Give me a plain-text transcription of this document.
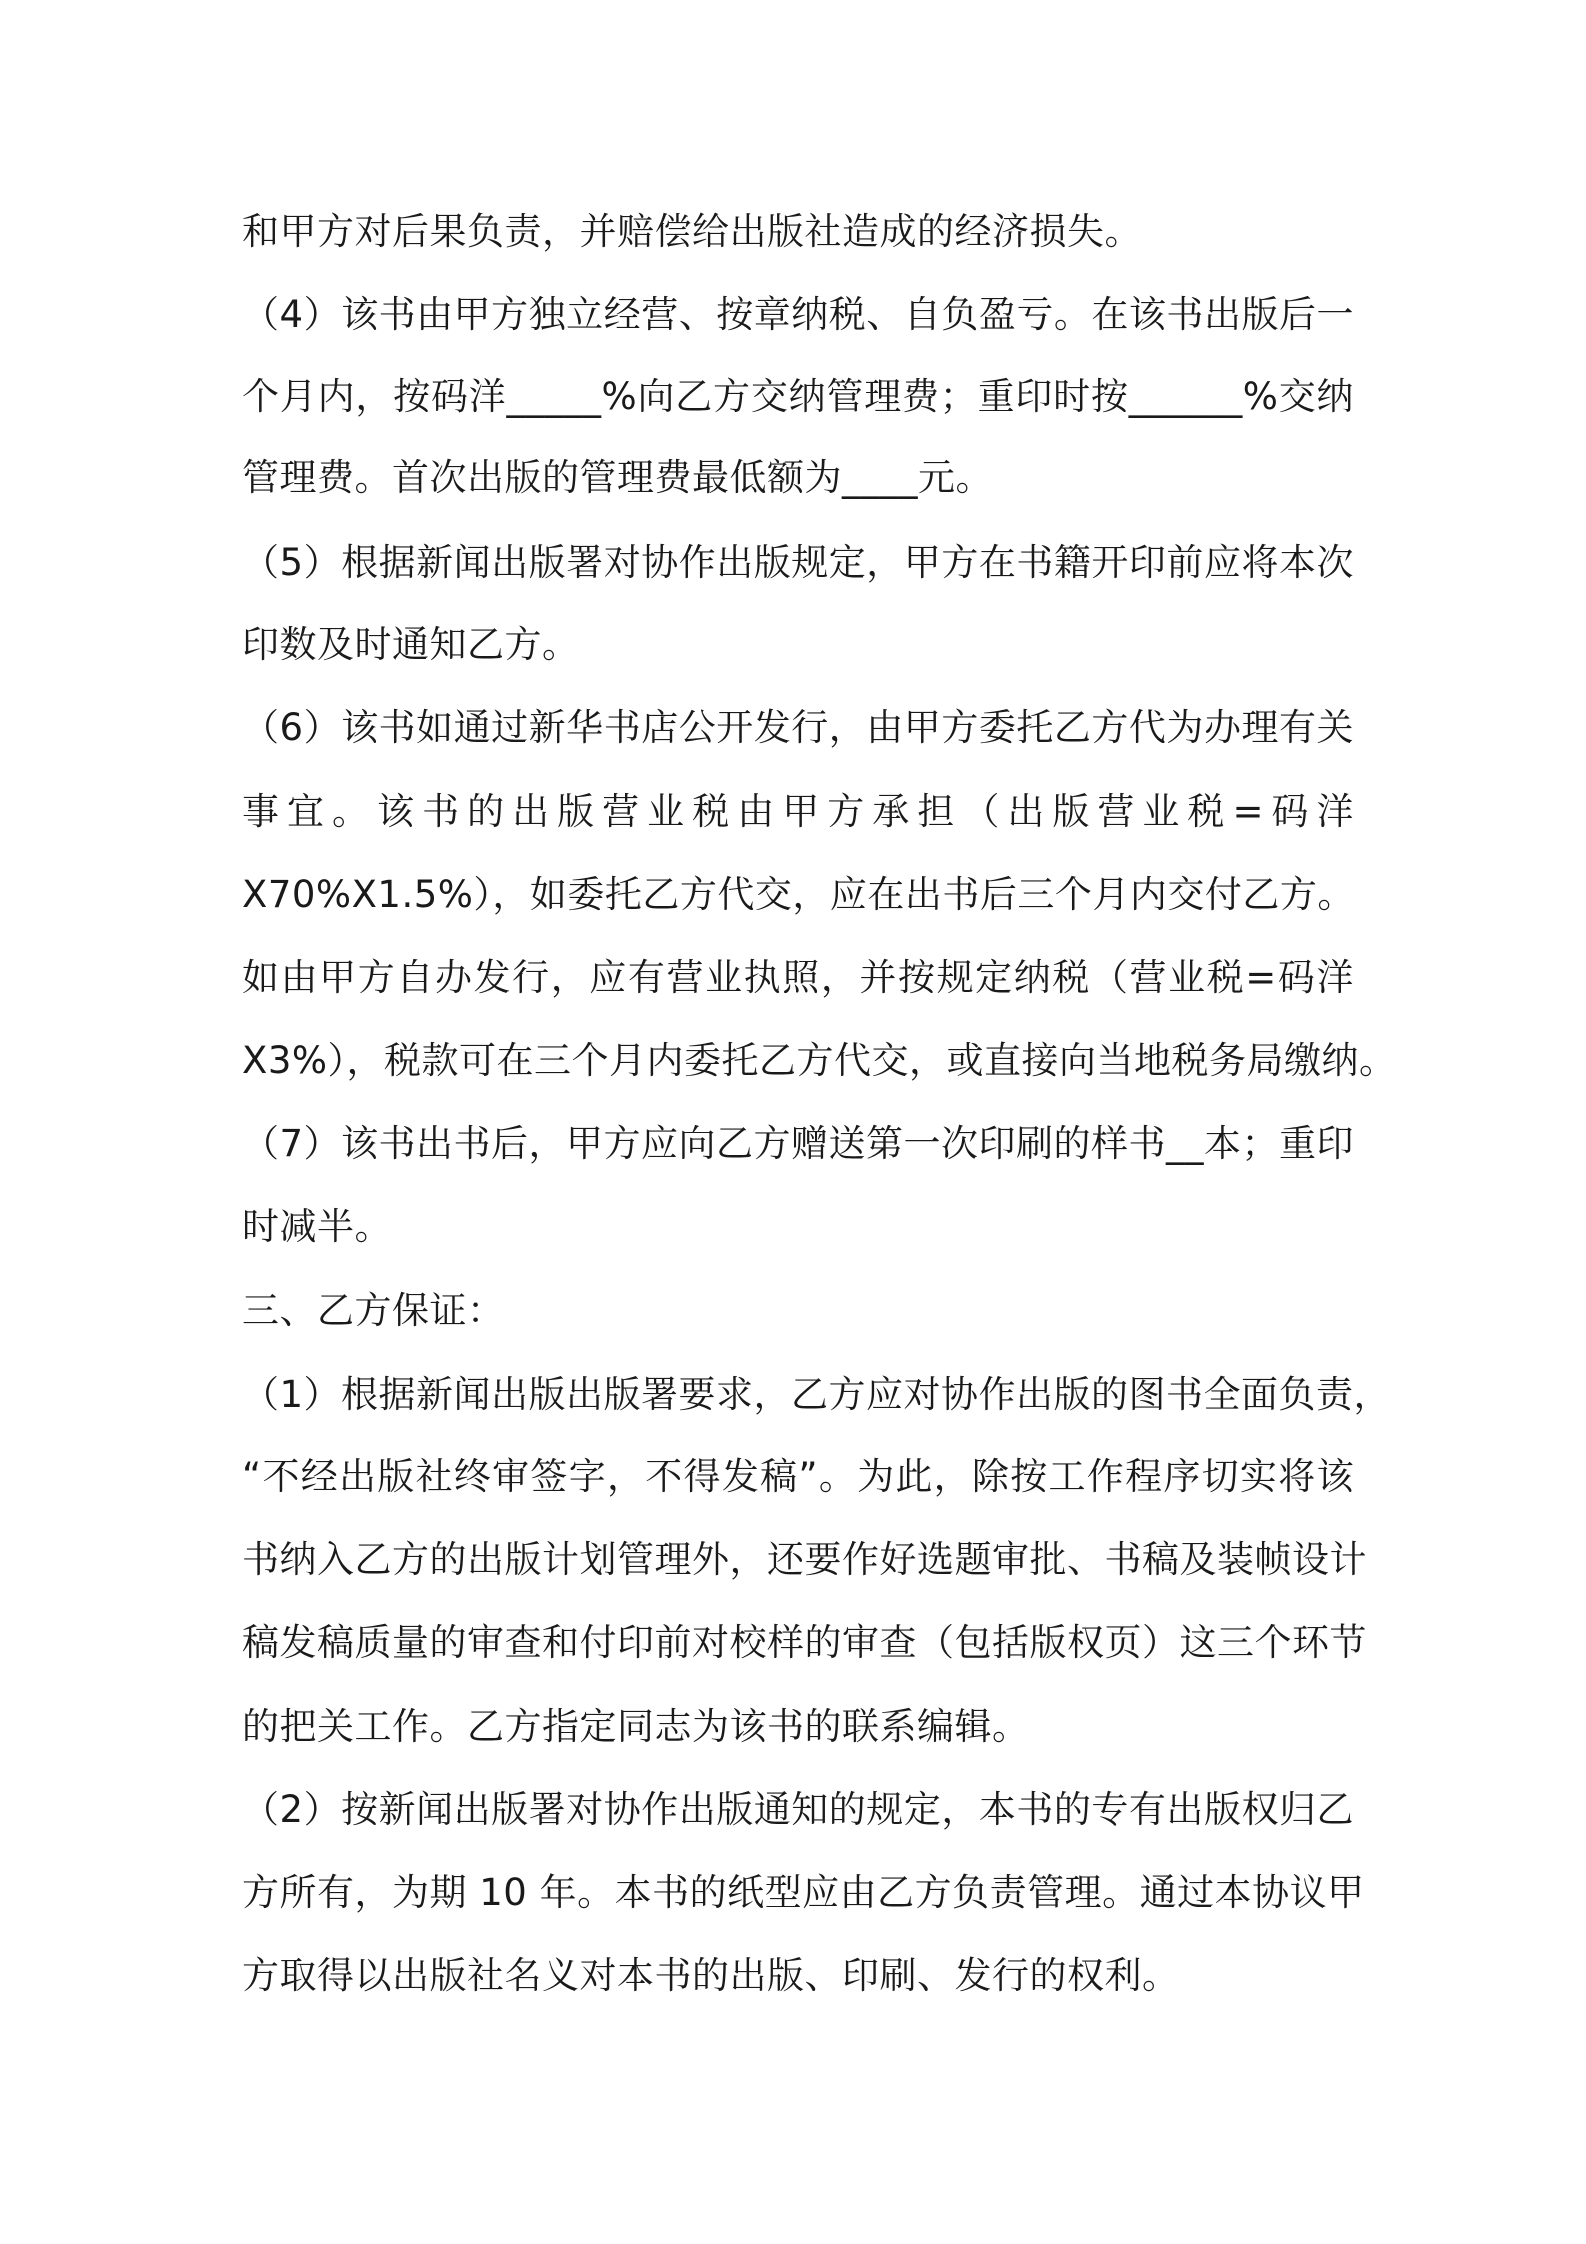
和甲方对后果负责，并赔偿给出版社造成的经济损失。
（4）该书由甲方独立经营、按章纳税、自负盈亏。在该书出版后一
个月内，按码洋_____%向乙方交纳管理费；重印时按______%交纳
管理费。首次出版的管理费最低额为____元。
（5）根据新闻出版署对协作出版规定，甲方在书籍开印前应将本次
印数及时通知乙方。
（6）该书如通过新华书店公开发行，由甲方委托乙方代为办理有关
事宜。该书的出版营业税由甲方承担（出版营业税=码洋
X70%X1.5%），如委托乙方代交，应在出书后三个月内交付乙方。
如由甲方自办发行，应有营业执照，并按规定纳税（营业税=码洋
X3%），税款可在三个月内委托乙方代交，或直接向当地税务局缴纳。
（7）该书出书后，甲方应向乙方赠送第一次印刷的样书__本；重印
时减半。
三、乙方保证：
（1）根据新闻出版出版署要求，乙方应对协作出版的图书全面负责，
“不经出版社终审签字，不得发稿”。为此，除按工作程序切实将该
书纳入乙方的出版计划管理外，还要作好选题审批、书稿及装帧设计
稿发稿质量的审查和付印前对校样的审查（包括版权页）这三个环节
的把关工作。乙方指定同志为该书的联系编辑。
（2）按新闻出版署对协作出版通知的规定，本书的专有出版权归乙
方所有，为期 10 年。本书的纸型应由乙方负责管理。通过本协议甲
方取得以出版社名义对本书的出版、印刷、发行的权利。
